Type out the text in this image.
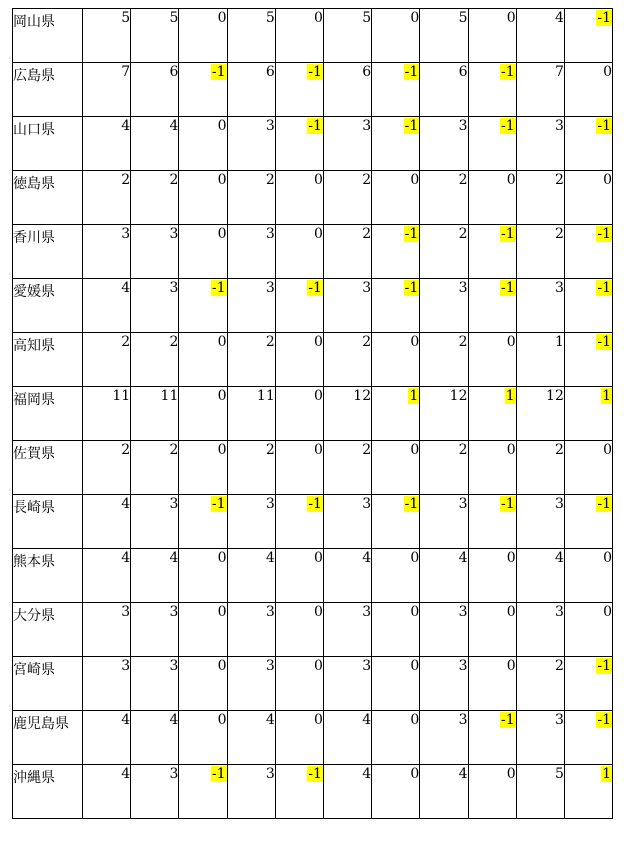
岡山県	5	5	0	5	0	5	0	5	0	4	-1
広島県	7	6	-1	6	-1	6	-1	6	-1	7	0
山口県	4	4	0	3	-1	3	-1	3	-1	3	-1
徳島県	2	2	0	2	0	2	0	2	0	2	0
香川県	3	3	0	3	0	2	-1	2	-1	2	-1
愛媛県	4	3	-1	3	-1	3	-1	3	-1	3	-1
高知県	2	2	0	2	0	2	0	2	0	1	-1
福岡県	11	11	0	11	0	12	1	12	1	12	1
佐賀県	2	2	0	2	0	2	0	2	0	2	0
長崎県	4	3	-1	3	-1	3	-1	3	-1	3	-1
熊本県	4	4	0	4	0	4	0	4	0	4	0
大分県	3	3	0	3	0	3	0	3	0	3	0
宮崎県	3	3	0	3	0	3	0	3	0	2	-1
鹿児島県	4	4	0	4	0	4	0	3	-1	3	-1
沖縄県	4	3	-1	3	-1	4	0	4	0	5	1
